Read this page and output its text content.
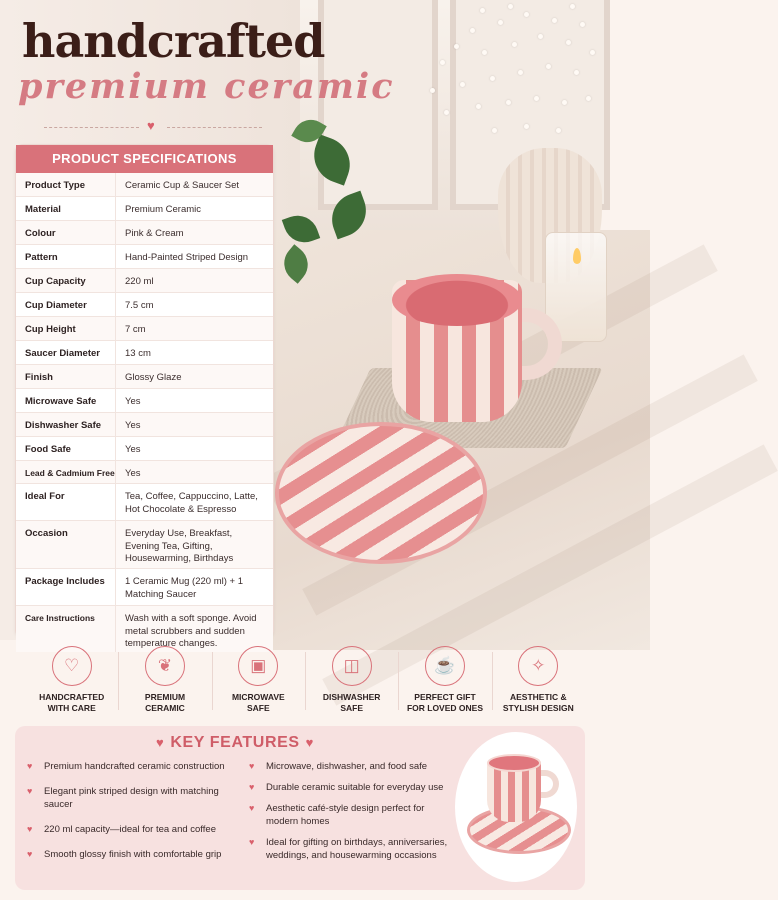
handcrafted
premium ceramic
♥
PRODUCT SPECIFICATIONS
Product Type	Ceramic Cup & Saucer Set
Material	Premium Ceramic
Colour	Pink & Cream
Pattern	Hand-Painted Striped Design
Cup Capacity	220 ml
Cup Diameter	7.5 cm
Cup Height	7 cm
Saucer Diameter	13 cm
Finish	Glossy Glaze
Microwave Safe	Yes
Dishwasher Safe	Yes
Food Safe	Yes
Lead & Cadmium Free	Yes
Ideal For	Tea, Coffee, Cappuccino, Latte, Hot Chocolate & Espresso
Occasion	Everyday Use, Breakfast, Evening Tea, Gifting, Housewarming, Birthdays
Package Includes	1 Ceramic Mug (220 ml) + 1 Matching Saucer
Care Instructions	Wash with a soft sponge. Avoid metal scrubbers and sudden temperature changes.
♡
HANDCRAFTED
WITH CARE
❦
PREMIUM
CERAMIC
▣
MICROWAVE
SAFE
◫
DISHWASHER
SAFE
☕
PERFECT GIFT
FOR LOVED ONES
✧
AESTHETIC &
STYLISH DESIGN
♥ KEY FEATURES ♥
♥ Premium handcrafted ceramic construction
♥ Elegant pink striped design with matching saucer
♥ 220 ml capacity—ideal for tea and coffee
♥ Smooth glossy finish with comfortable grip
♥ Microwave, dishwasher, and food safe
♥ Durable ceramic suitable for everyday use
♥ Aesthetic café-style design perfect for modern homes
♥ Ideal for gifting on birthdays, anniversaries, weddings, and housewarming occasions
